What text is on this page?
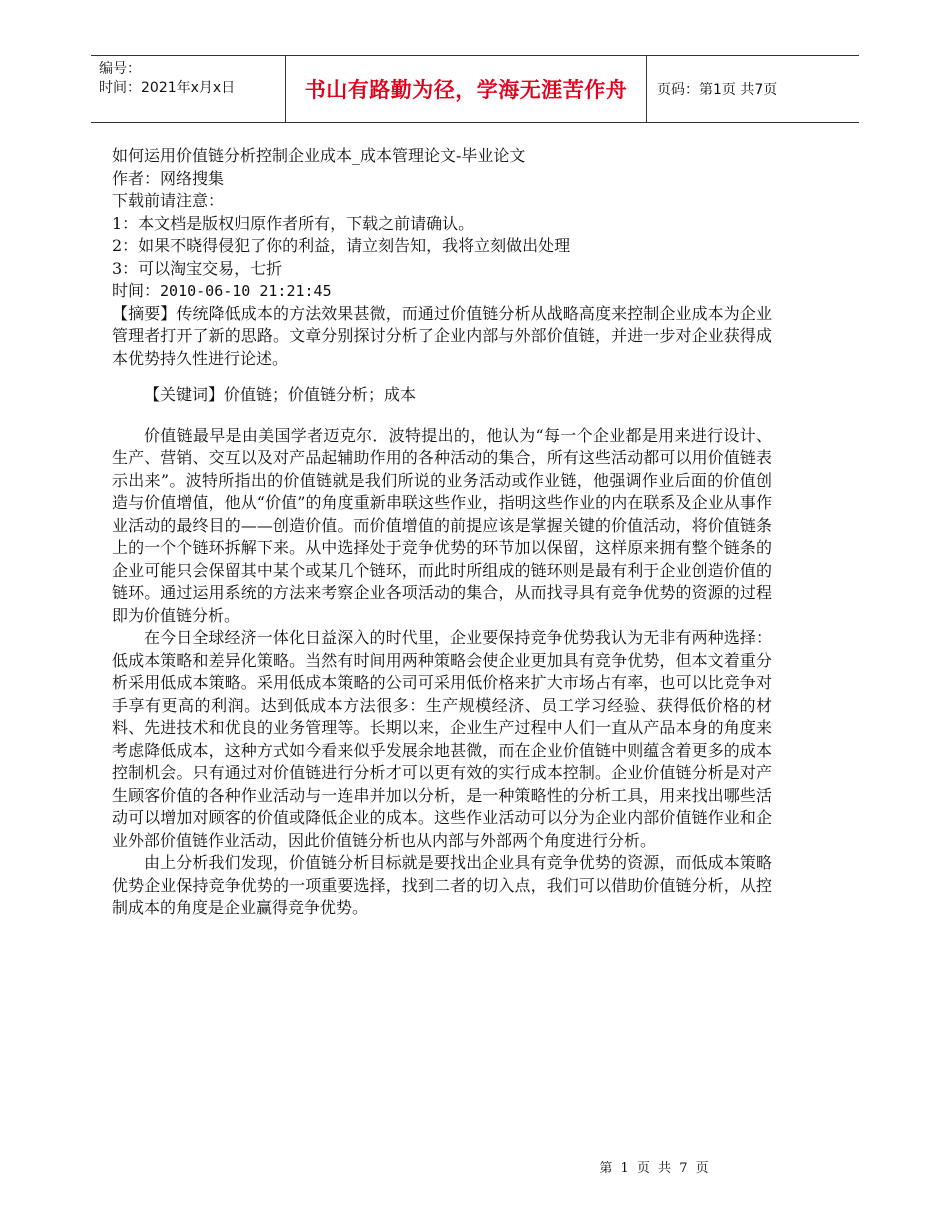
编号：
时间：2021年x月x日	书山有路勤为径，学海无涯苦作舟 页码：第1页 共7页

如何运用价值链分析控制企业成本_成本管理论文-毕业论文

作者：网络搜集

下载前请注意：

1：本文档是版权归原作者所有，下载之前请确认。

2：如果不晓得侵犯了你的利益，请立刻告知，我将立刻做出处理

3：可以淘宝交易，七折

时间：2010-06-10 21:21:45

【摘要】传统降低成本的方法效果甚微，而通过价值链分析从战略高度来控制企业成本为企业管理者打开了新的思路。文章分别探讨分析了企业内部与外部价值链，并进一步对企业获得成本优势持久性进行论述。

【关键词】价值链；价值链分析；成本

价值链最早是由美国学者迈克尔．波特提出的，他认为“每一个企业都是用来进行设计、生产、营销、交互以及对产品起辅助作用的各种活动的集合，所有这些活动都可以用价值链表示出来”。波特所指出的价值链就是我们所说的业务活动或作业链，他强调作业后面的价值创造与价值增值，他从“价值”的角度重新串联这些作业，指明这些作业的内在联系及企业从事作业活动的最终目的——创造价值。而价值增值的前提应该是掌握关键的价值活动，将价值链条上的一个个链环拆解下来。从中选择处于竞争优势的环节加以保留，这样原来拥有整个链条的企业可能只会保留其中某个或某几个链环，而此时所组成的链环则是最有利于企业创造价值的链环。通过运用系统的方法来考察企业各项活动的集合，从而找寻具有竞争优势的资源的过程即为价值链分析。

在今日全球经济一体化日益深入的时代里，企业要保持竞争优势我认为无非有两种选择：低成本策略和差异化策略。当然有时间用两种策略会使企业更加具有竞争优势，但本文着重分析采用低成本策略。采用低成本策略的公司可采用低价格来扩大市场占有率，也可以比竞争对手享有更高的利润。达到低成本方法很多：生产规模经济、员工学习经验、获得低价格的材料、先进技术和优良的业务管理等。长期以来，企业生产过程中人们一直从产品本身的角度来考虑降低成本，这种方式如今看来似乎发展余地甚微，而在企业价值链中则蕴含着更多的成本控制机会。只有通过对价值链进行分析才可以更有效的实行成本控制。企业价值链分析是对产生顾客价值的各种作业活动与一连串并加以分析，是一种策略性的分析工具，用来找出哪些活动可以增加对顾客的价值或降低企业的成本。这些作业活动可以分为企业内部价值链作业和企业外部价值链作业活动，因此价值链分析也从内部与外部两个角度进行分析。

由上分析我们发现，价值链分析目标就是要找出企业具有竞争优势的资源，而低成本策略优势企业保持竞争优势的一项重要选择，找到二者的切入点，我们可以借助价值链分析，从控制成本的角度是企业赢得竞争优势。

第 1 页 共 7 页
